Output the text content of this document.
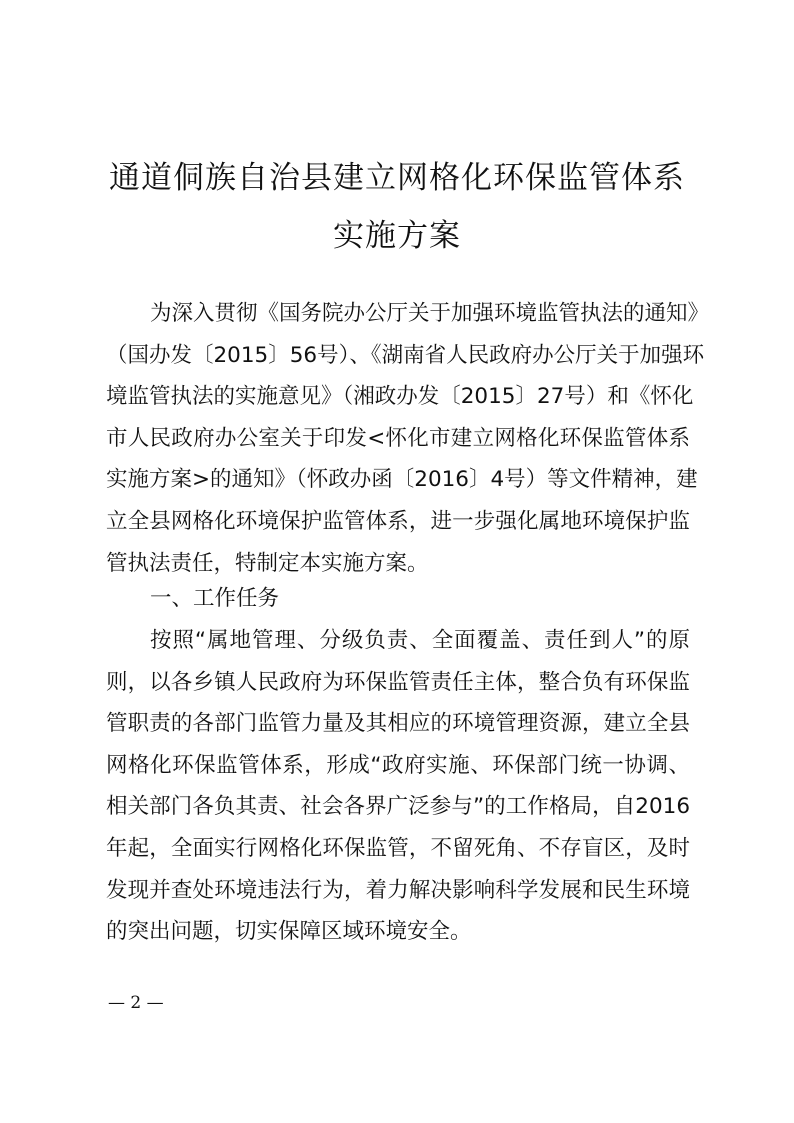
通道侗族自治县建立网格化环保监管体系
实施方案
为深入贯彻《国务院办公厅关于加强环境监管执法的通知》
（国办发〔2015〕56号）、《湖南省人民政府办公厅关于加强环
境监管执法的实施意见》（湘政办发〔2015〕27号）和《怀化
市人民政府办公室关于印发<怀化市建立网格化环保监管体系
实施方案>的通知》（怀政办函〔2016〕4号）等文件精神，建
立全县网格化环境保护监管体系，进一步强化属地环境保护监
管执法责任，特制定本实施方案。
一、工作任务
按照“属地管理、分级负责、全面覆盖、责任到人”的原
则，以各乡镇人民政府为环保监管责任主体，整合负有环保监
管职责的各部门监管力量及其相应的环境管理资源，建立全县
网格化环保监管体系，形成“政府实施、环保部门统一协调、
相关部门各负其责、社会各界广泛参与”的工作格局，自2016
年起，全面实行网格化环保监管，不留死角、不存盲区，及时
发现并查处环境违法行为，着力解决影响科学发展和民生环境
的突出问题，切实保障区域环境安全。
— 2 —
